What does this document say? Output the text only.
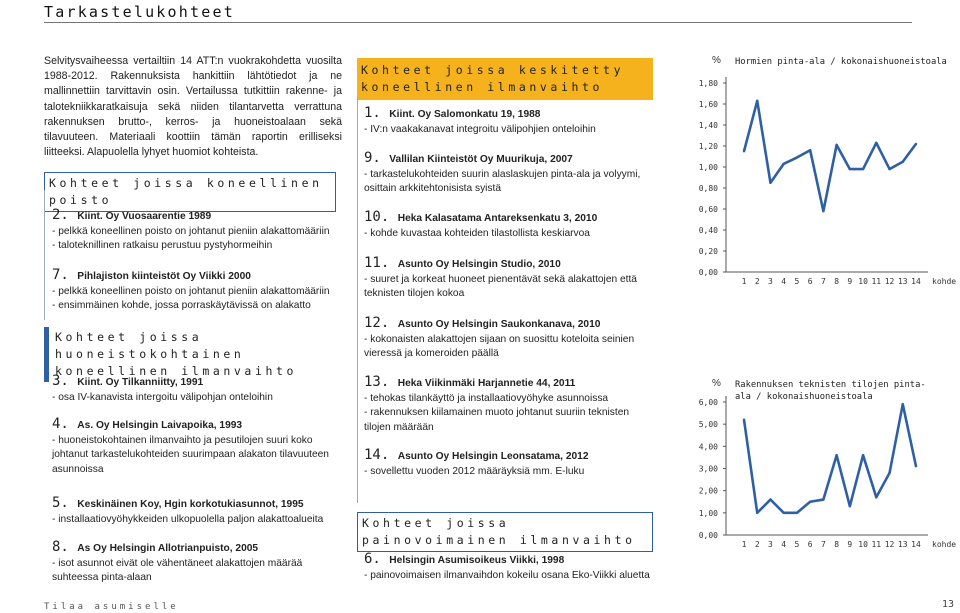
Tarkastelukohteet
Selvitysvaiheessa vertailtiin 14 ATT:n vuokrakohdetta vuosilta 1988-2012. Rakennuksista hankittiin lähtötiedot ja ne mallinnettiin tarvittavin osin. Vertailussa tutkittiin rakenne- ja talotekniikkaratkaisuja sekä niiden tilantarvetta verrattuna rakennuksen brutto-, kerros- ja huoneistoalaan sekä tilavuuteen. Materiaali koottiin tämän raportin erilliseksi liitteeksi. Alapuolella lyhyet huomiot kohteista.
Kohteet joissa koneellinen poisto
2. Kiint. Oy Vuosaarentie 1989
- pelkkä koneellinen poisto on johtanut pieniin alakattomääriin
- taloteknillinen ratkaisu perustuu pystyhormeihin
7. Pihlajiston kiinteistöt Oy Viikki 2000
- pelkkä koneellinen poisto on johtanut pieniin alakattomääriin
- ensimmäinen kohde, jossa porraskäytävissä on alakatto
Kohteet joissa huoneistokohtainen koneellinen ilmanvaihto
3. Kiint. Oy Tilkanniitty, 1991
- osa IV-kanavista intergoitu välipohjan onteloihin
4. As. Oy Helsingin Laivapoika, 1993
- huoneistokohtainen ilmanvaihto ja pesutilojen suuri koko johtanut tarkastelukohteiden suurimpaan alakaton tilavuuteen asunnoissa
5. Keskinäinen Koy, Hgin korkotukiasunnot, 1995
- installaatiovyöhykkeiden ulkopuolella paljon alakattoalueita
8. As Oy Helsingin Allotrianpuisto, 2005
- isot asunnot eivät ole vähentäneet alakattojen määrää suhteessa pinta-alaan
Kohteet joissa keskitetty koneellinen ilmanvaihto
1. Kiint. Oy Salomonkatu 19, 1988
- IV:n vaakakanavat integroitu välipohjien onteloihin
9. Vallilan Kiinteistöt Oy Muurikuja, 2007
- tarkastelukohteiden suurin alaslaskujen pinta-ala ja volyymi, osittain arkkitehtonisista syistä
10. Heka Kalasatama Antareksenkatu 3, 2010
- kohde kuvastaa kohteiden tilastollista keskiarvoa
11. Asunto Oy Helsingin Studio, 2010
- suuret ja korkeat huoneet pienentävät sekä alakattojen että teknisten tilojen kokoa
12. Asunto Oy Helsingin Saukonkanava, 2010
- kokonaisten alakattojen sijaan on suosittu koteloita seinien vieressä ja komeroiden päällä
13. Heka Viikinmäki Harjannetie 44, 2011
- tehokas tilankäyttö ja installaatiovyöhyke asunnoissa
- rakennuksen kiilamainen muoto johtanut suuriin teknisten tilojen määrään
14. Asunto Oy Helsingin Leonsatama, 2012
- sovellettu vuoden 2012 määräyksiä mm. E-luku
Kohteet joissa painovoimainen ilmanvaihto
6. Helsingin Asumisoikeus Viikki, 1998
- painovoimaisen ilmanvaihdon kokeilu osana Eko-Viikki aluetta
% Hormien pinta-ala / kokonaishuoneistoala
0,00
0,20
0,40
0,60
0,80
1,00
1,20
1,40
1,60
1,80
1 2 3 4 5 6 7 8 9 10 11 12 13 14 kohde
% Rakennuksen teknisten tilojen pinta-ala / kokonaishuoneistoala
0,00
1,00
2,00
3,00
4,00
5,00
6,00
1 2 3 4 5 6 7 8 9 10 11 12 13 14 kohde
Tilaa asumiselle	13
